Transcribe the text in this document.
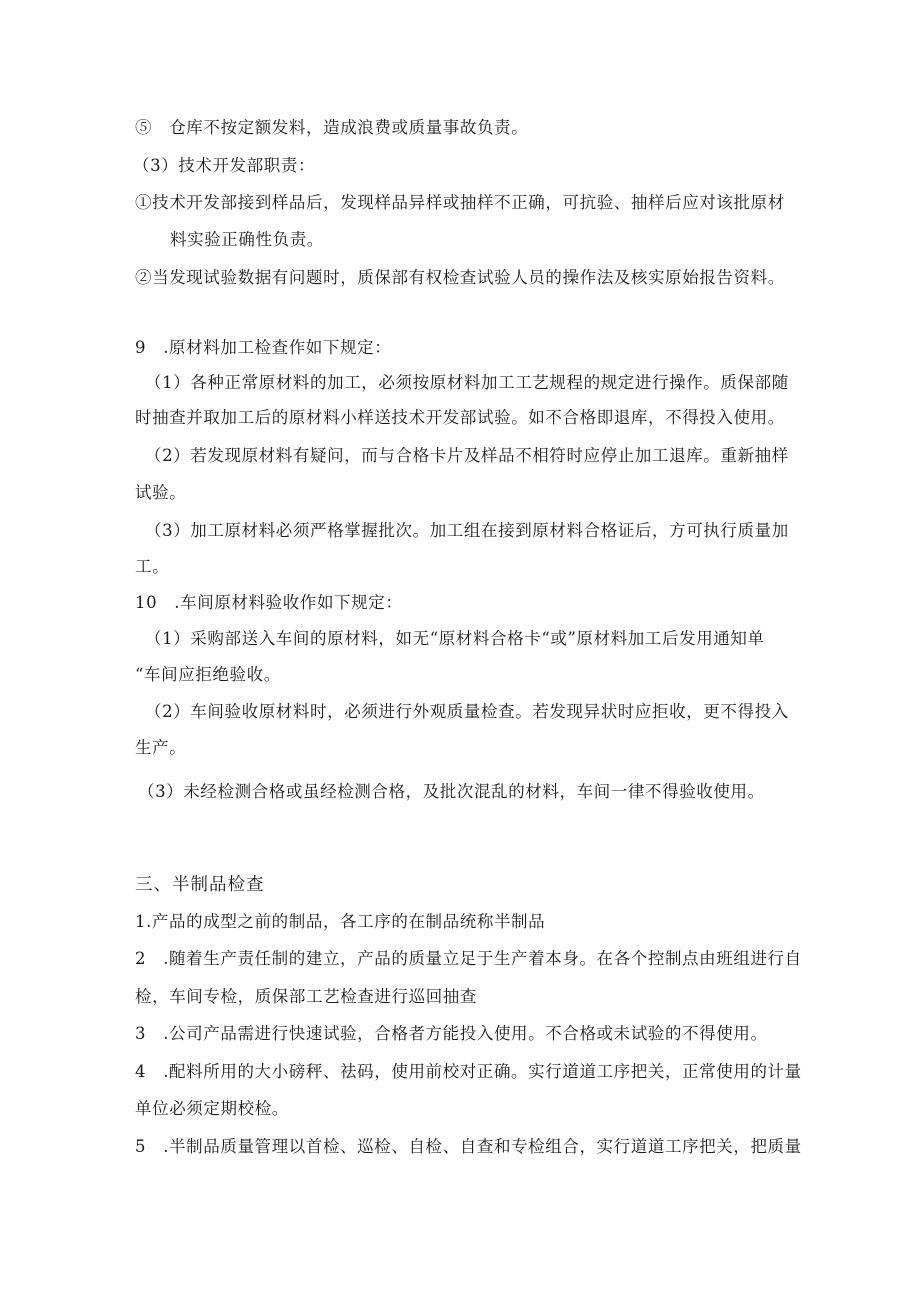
⑤　仓库不按定额发料，造成浪费或质量事故负责。
（3）技术开发部职责：
①技术开发部接到样品后，发现样品异样或抽样不正确，可抗验、抽样后应对该批原材
料实验正确性负责。
②当发现试验数据有问题时，质保部有权检查试验人员的操作法及核实原始报告资料。
9　.原材料加工检查作如下规定：
（1）各种正常原材料的加工，必须按原材料加工工艺规程的规定进行操作。质保部随
时抽查并取加工后的原材料小样送技术开发部试验。如不合格即退库，不得投入使用。
（2）若发现原材料有疑问，而与合格卡片及样品不相符时应停止加工退库。重新抽样
试验。
（3）加工原材料必须严格掌握批次。加工组在接到原材料合格证后，方可执行质量加
工。
10　.车间原材料验收作如下规定：
（1）采购部送入车间的原材料，如无“原材料合格卡“或”原材料加工后发用通知单
“车间应拒绝验收。
（2）车间验收原材料时，必须进行外观质量检查。若发现异状时应拒收，更不得投入
生产。
（3）未经检测合格或虽经检测合格，及批次混乱的材料，车间一律不得验收使用。
三、半制品检查
1.产品的成型之前的制品，各工序的在制品统称半制品
2　.随着生产责任制的建立，产品的质量立足于生产着本身。在各个控制点由班组进行自
检，车间专检，质保部工艺检查进行巡回抽查
3　.公司产品需进行快速试验，合格者方能投入使用。不合格或未试验的不得使用。
4　.配料所用的大小磅秤、祛码，使用前校对正确。实行道道工序把关，正常使用的计量
单位必须定期校检。
5　.半制品质量管理以首检、巡检、自检、自查和专检组合，实行道道工序把关，把质量
